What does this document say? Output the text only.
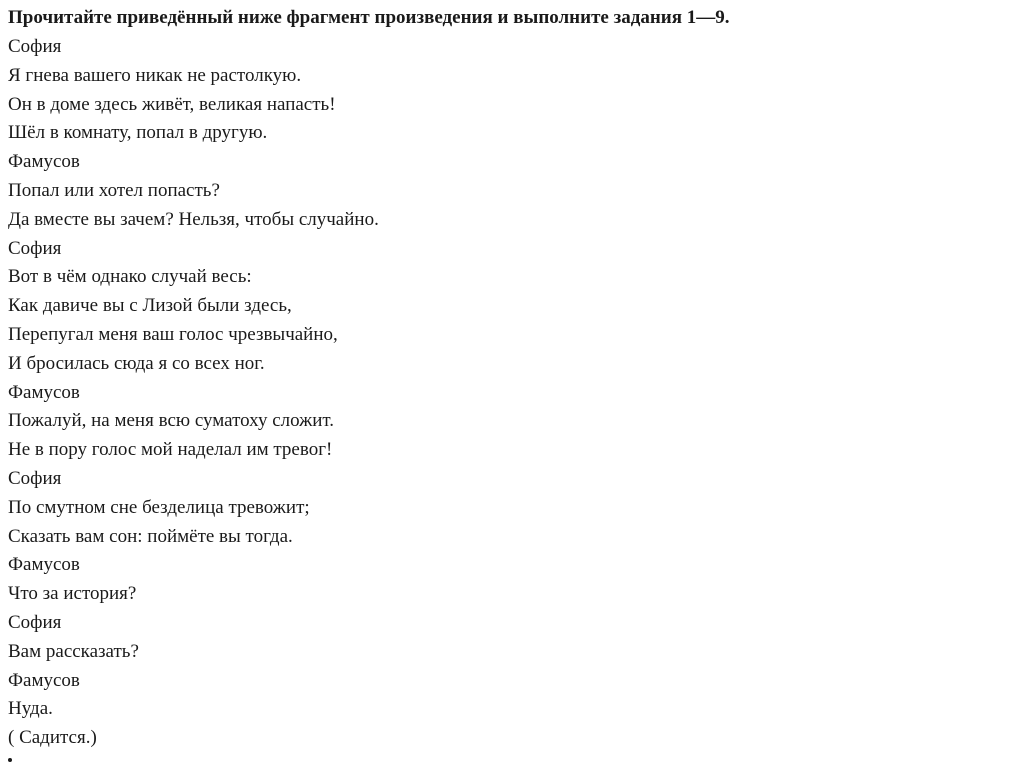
Прочитайте приведённый ниже фрагмент произведения и выполните задания 1—9.
София
Я гнева вашего никак не растолкую.
Он в доме здесь живёт, великая напасть!
Шёл в комнату, попал в другую.
Фамусов
Попал или хотел попасть?
Да вместе вы зачем? Нельзя, чтобы случайно.
София
Вот в чём однако случай весь:
Как давиче вы с Лизой были здесь,
Перепугал меня ваш голос чрезвычайно,
И бросилась сюда я со всех ног.
Фамусов
Пожалуй, на меня всю суматоху сложит.
Не в пору голос мой наделал им тревог!
София
По смутном сне безделица тревожит;
Сказать вам сон: поймёте вы тогда.
Фамусов
Что за история?
София
Вам рассказать?
Фамусов
Нуда.
( Садится.)
